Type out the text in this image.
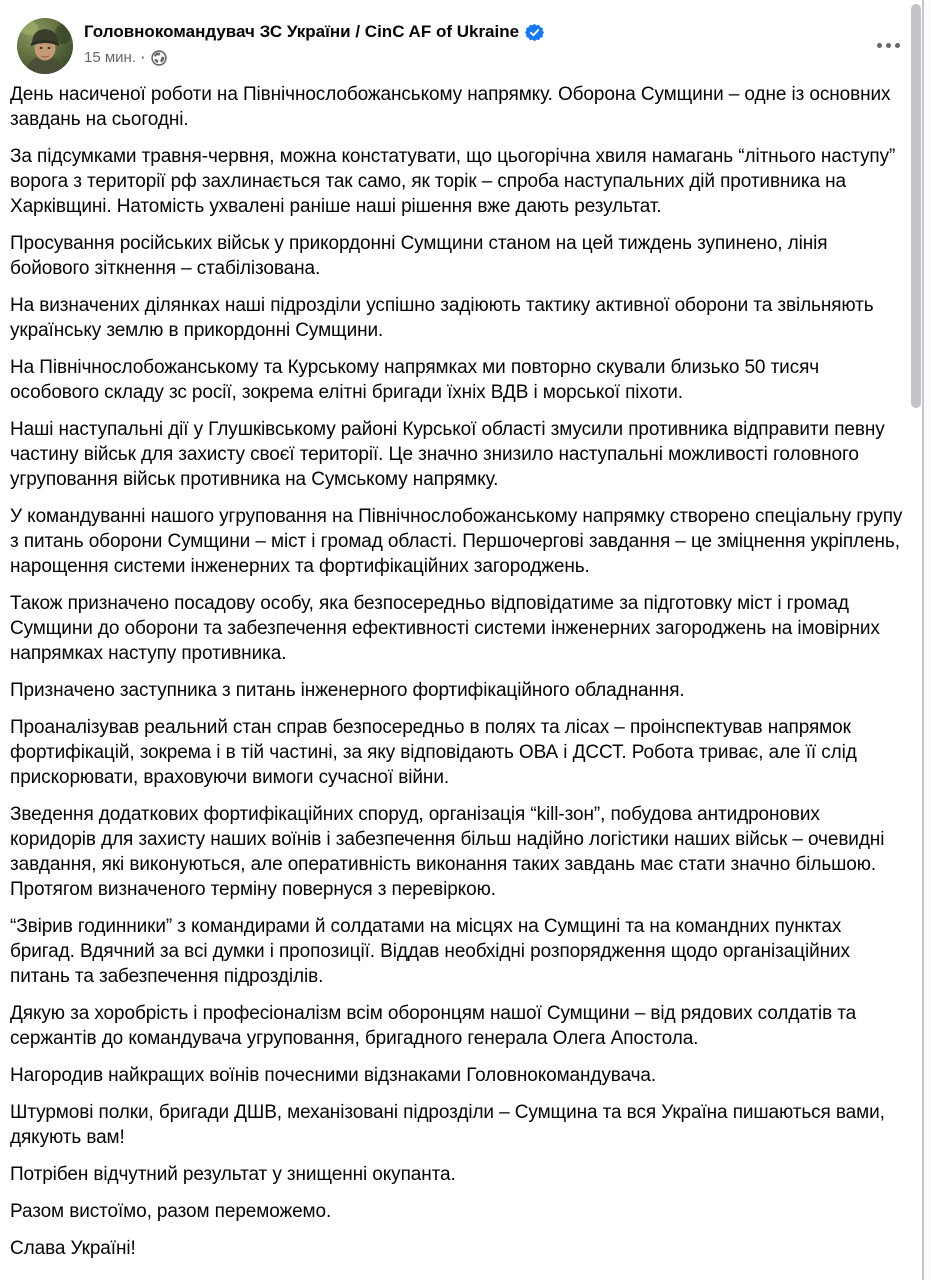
Головнокомандувач ЗС України / CinC AF of Ukraine
15 мин. ·

День насиченої роботи на Північнослобожанському напрямку. Оборона Сумщини – одне із основних завдань на сьогодні.

За підсумками травня-червня, можна констатувати, що цьогорічна хвиля намагань “літнього наступу” ворога з території рф захлинається так само, як торік – спроба наступальних дій противника на Харківщині. Натомість ухвалені раніше наші рішення вже дають результат.

Просування російських військ у прикордонні Сумщини станом на цей тиждень зупинено, лінія бойового зіткнення – стабілізована.

На визначених ділянках наші підрозділи успішно задіюють тактику активної оборони та звільняють українську землю в прикордонні Сумщини.

На Північнослобожанському та Курському напрямках ми повторно скували близько 50 тисяч особового складу зс росії, зокрема елітні бригади їхніх ВДВ і морської піхоти.

Наші наступальні дії у Глушківському районі Курської області змусили противника відправити певну частину військ для захисту своєї території. Це значно знизило наступальні можливості головного угруповання військ противника на Сумському напрямку.

У командуванні нашого угруповання на Північнослобожанському напрямку створено спеціальну групу з питань оборони Сумщини – міст і громад області. Першочергові завдання – це зміцнення укріплень, нарощення системи інженерних та фортифікаційних загороджень.

Також призначено посадову особу, яка безпосередньо відповідатиме за підготовку міст і громад Сумщини до оборони та забезпечення ефективності системи інженерних загороджень на імовірних напрямках наступу противника.

Призначено заступника з питань інженерного фортифікаційного обладнання.

Проаналізував реальний стан справ безпосередньо в полях та лісах – проінспектував напрямок фортифікацій, зокрема і в тій частині, за яку відповідають ОВА і ДССТ. Робота триває, але її слід прискорювати, враховуючи вимоги сучасної війни.

Зведення додаткових фортифікаційних споруд, організація “kill-зон”, побудова антидронових коридорів для захисту наших воїнів і забезпечення більш надійно логістики наших військ – очевидні завдання, які виконуються, але оперативність виконання таких завдань має стати значно більшою. Протягом визначеного терміну повернуся з перевіркою.

“Звірив годинники” з командирами й солдатами на місцях на Сумщині та на командних пунктах бригад. Вдячний за всі думки і пропозиції. Віддав необхідні розпорядження щодо організаційних питань та забезпечення підрозділів.

Дякую за хоробрість і професіоналізм всім оборонцям нашої Сумщини – від рядових солдатів та сержантів до командувача угруповання, бригадного генерала Олега Апостола.

Нагородив найкращих воїнів почесними відзнаками Головнокомандувача.

Штурмові полки, бригади ДШВ, механізовані підрозділи – Сумщина та вся Україна пишаються вами, дякують вам!

Потрібен відчутний результат у знищенні окупанта.

Разом вистоїмо, разом переможемо.

Слава Україні!
